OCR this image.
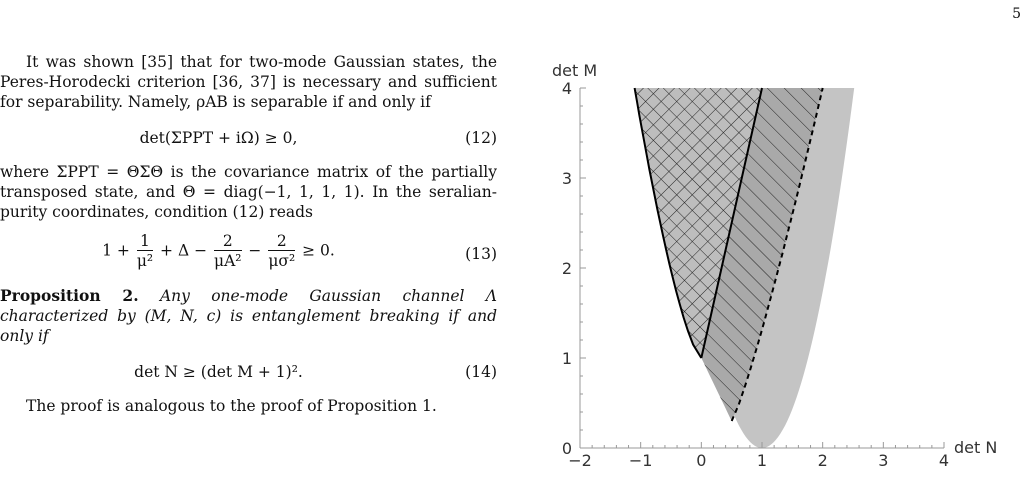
5

It was shown [35] that for two-mode Gaussian states, the Peres-Horodecki criterion [36, 37] is necessary and sufficient for separability. Namely, ρAB is separable if and only if

det(ΣPPT + iΩ) ≥ 0,	(12)

where ΣPPT = ΘΣΘ is the covariance matrix of the partially transposed state, and Θ = diag(−1, 1, 1, 1). In the seralian-purity coordinates, condition (12) reads

$1 + \frac{1}{\text{μ²}} + \Delta - \frac{2}{\text{μA²}} - \frac{2}{\text{μσ²}} \ge 0$.	(13)

Proposition 2. Any one-mode Gaussian channel Λ characterized by (M, N, c) is entanglement breaking if and only if

det N ≥ (det M + 1)².	(14)

The proof is analogous to the proof of Proposition 1.

−2 −1	0	1	2	3	4
0
1
2
3
4
det N
det M
